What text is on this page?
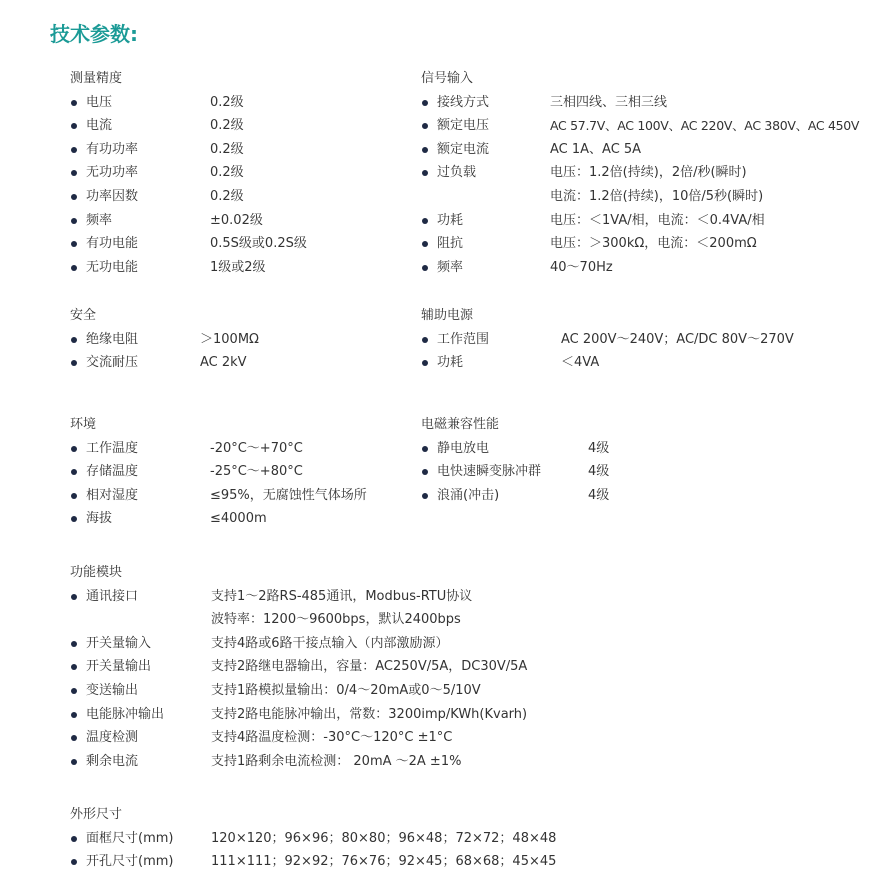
技术参数:
测量精度
电压	0.2级
电流	0.2级
有功功率	0.2级
无功功率	0.2级
功率因数	0.2级
频率	±0.02级
有功电能	0.5S级或0.2S级
无功电能	1级或2级
信号输入
接线方式	三相四线、三相三线
额定电压	AC 57.7V、AC 100V、AC 220V、AC 380V、AC 450V
额定电流	AC 1A、AC 5A
过负载	电压：1.2倍(持续)，2倍/秒(瞬时)
电流：1.2倍(持续)，10倍/5秒(瞬时)
功耗	电压：＜1VA/相，电流：＜0.4VA/相
阻抗	电压：＞300kΩ，电流：＜200mΩ
频率	40～70Hz
安全
绝缘电阻	＞100MΩ
交流耐压	AC 2kV
辅助电源
工作范围	AC 200V～240V；AC/DC 80V～270V
功耗	＜4VA
环境
工作温度	-20°C～+70°C
存储温度	-25°C～+80°C
相对湿度	≤95%，无腐蚀性气体场所
海拔	≤4000m
电磁兼容性能
静电放电	4级
电快速瞬变脉冲群	4级
浪涌(冲击)	4级
功能模块
通讯接口	支持1～2路RS-485通讯，Modbus-RTU协议
波特率：1200～9600bps，默认2400bps
开关量输入	支持4路或6路干接点输入（内部激励源）
开关量输出	支持2路继电器输出，容量：AC250V/5A，DC30V/5A
变送输出	支持1路模拟量输出：0/4～20mA或0～5/10V
电能脉冲输出	支持2路电能脉冲输出，常数：3200imp/KWh(Kvarh)
温度检测	支持4路温度检测：-30°C～120°C ±1°C
剩余电流	支持1路剩余电流检测： 20mA ～2A ±1%
外形尺寸
面框尺寸(mm)	120×120；96×96；80×80；96×48；72×72；48×48
开孔尺寸(mm)	111×111；92×92；76×76；92×45；68×68；45×45
